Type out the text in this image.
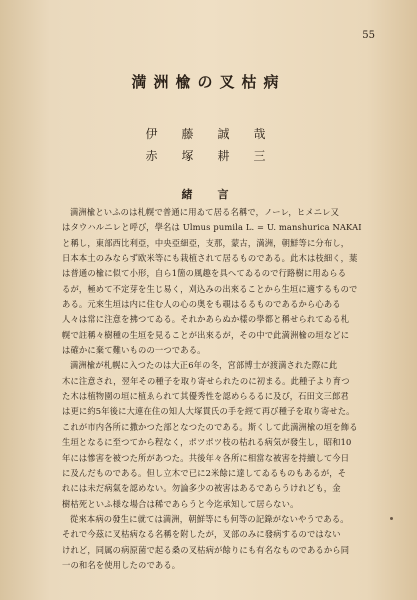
55
満洲楡の叉枯病
伊　藤　誠　哉
赤　塚　耕　三
緒　言

満洲楡といふのは札幌で普通に用ゐて居る名稱で，ノーレ，ヒメニレ又
はタウハルニレと呼び，學名は Ulmus pumila L. = U. manshurica NAKAI
と稱し，東部西比利亞，中央亞細亞，支那，蒙古，満洲，朝鮮等に分布し，
日本本土のみならず欧米等にも栽植されて居るものである。此木は枝細く，葉
は普通の楡に似て小形，自ら1箇の風趣を具へてゐるので行路樹に用ゐらる
るが，極めて不定芽を生じ易く，刈込みの出來ることから生垣に適するもので
ある。元來生垣は内に住む人の心の奥をも覗はるるものであるから心ある
人々は常に注意を拂つてゐる。それかあらぬか樣の學都と稱せられてゐる札
幌で註稱々樹種の生垣を見ることが出來るが，その中で此満洲楡の垣などに
は確かに棄て難いものの一つである。

満洲楡が札幌に入つたのは大正6年の冬，宮部博士が渡満された際に此
木に注意され，翌年その種子を取り寄せられたのに初まる。此種子より育つ
た木は植物園の垣に植ゑられて其優秀性を認めらるるに及び，石田文三郎君
は更に約5年後に大連在住の知人大塚貫氏の手を經て再び種子を取り寄せた。
これが市内各所に撒かつた部となつたのである。斯くして此満洲楡の垣を飾る
生垣となるに至つてから程なく，ポツポツ枝の枯れる病気が發生し，昭和10
年には慘害を被つた所があつた。共後年々各所に相當な被害を持續して今日
に及んだものである。但し立木で已に2米餘に達してゐるものもあるが，そ
れには未だ病氣を認めない。勿論多少の被害はあるであらうけれども，金
樹枯死といふ様な場合は稀であらうと今迄承知して居らない。

從來本病の發生に就ては満洲，朝鮮等にも何等の記錄がないやうである。
それで今茲に叉枯病なる名稱を附したが，叉部のみに發病するのではない
けれど，同属の病原菌で起る桑の叉枯病が餘りにも有名なものであるから同
一の和名を使用したのである。
